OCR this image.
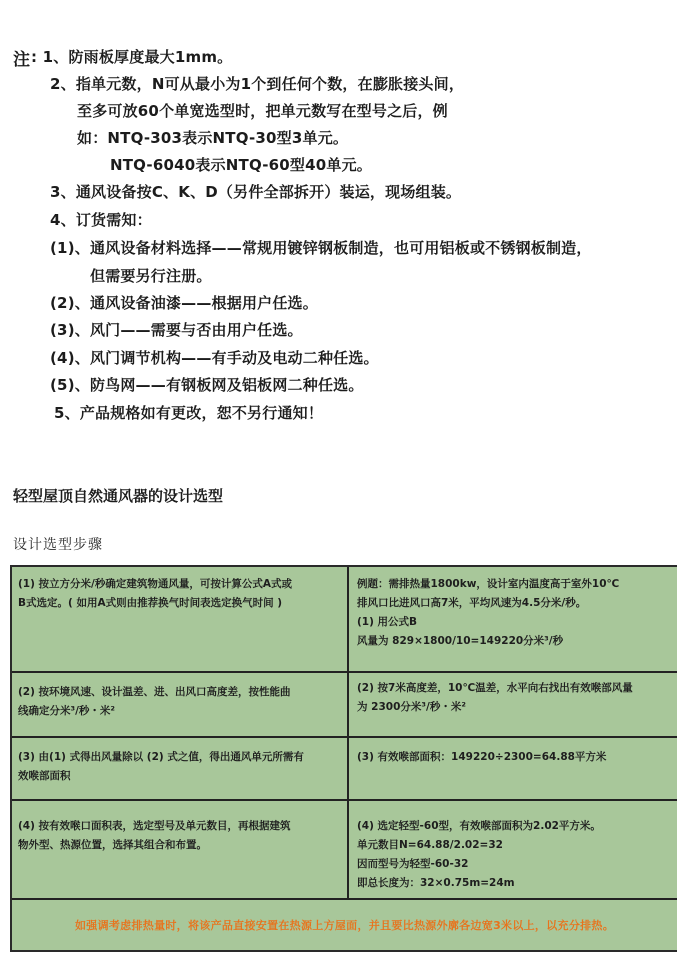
注 : 1、防雨板厚度最大1mm。
2、指单元数，N可从最小为1个到任何个数，在膨胀接头间，
至多可放60个单宽选型时，把单元数写在型号之后，例
如：NTQ-303表示NTQ-30型3单元。
NTQ-6040表示NTQ-60型40单元。
3、通风设备按C、K、D（另件全部拆开）装运，现场组装。
4、订货需知：
(1)、通风设备材料选择——常规用镀锌钢板制造，也可用铝板或不锈钢板制造，
但需要另行注册。
(2)、通风设备油漆——根据用户任选。
(3)、风门——需要与否由用户任选。
(4)、风门调节机构——有手动及电动二种任选。
(5)、防鸟网——有钢板网及铝板网二种任选。
5、产品规格如有更改，恕不另行通知！
轻型屋顶自然通风器的设计选型
设计选型步骤
(1) 按立方分米/秒确定建筑物通风量，可按计算公式A式或
B式选定。( 如用A式则由推荐换气时间表选定换气时间 )
例题：需排热量1800kw，设计室内温度高于室外10℃
排风口比进风口高7米，平均风速为4.5分米/秒。
(1) 用公式B
风量为 829×1800/10=149220分米³/秒
(2) 按环境风速、设计温差、进、出风口高度差，按性能曲
线确定分米³/秒・米²
(2) 按7米高度差，10℃温差，水平向右找出有效喉部风量
为 2300分米³/秒・米²
(3) 由(1) 式得出风量除以 (2) 式之值，得出通风单元所需有
效喉部面积
(3) 有效喉部面积：149220÷2300=64.88平方米
(4) 按有效喉口面积表，选定型号及单元数目，再根据建筑
物外型、热源位置，选择其组合和布置。
(4) 选定轻型-60型，有效喉部面积为2.02平方米。
单元数目N=64.88/2.02=32
因而型号为轻型-60-32
即总长度为：32×0.75m=24m
如强调考虑排热量时，将该产品直接安置在热源上方屋面，并且要比热源外廓各边宽3米以上，以充分排热。
